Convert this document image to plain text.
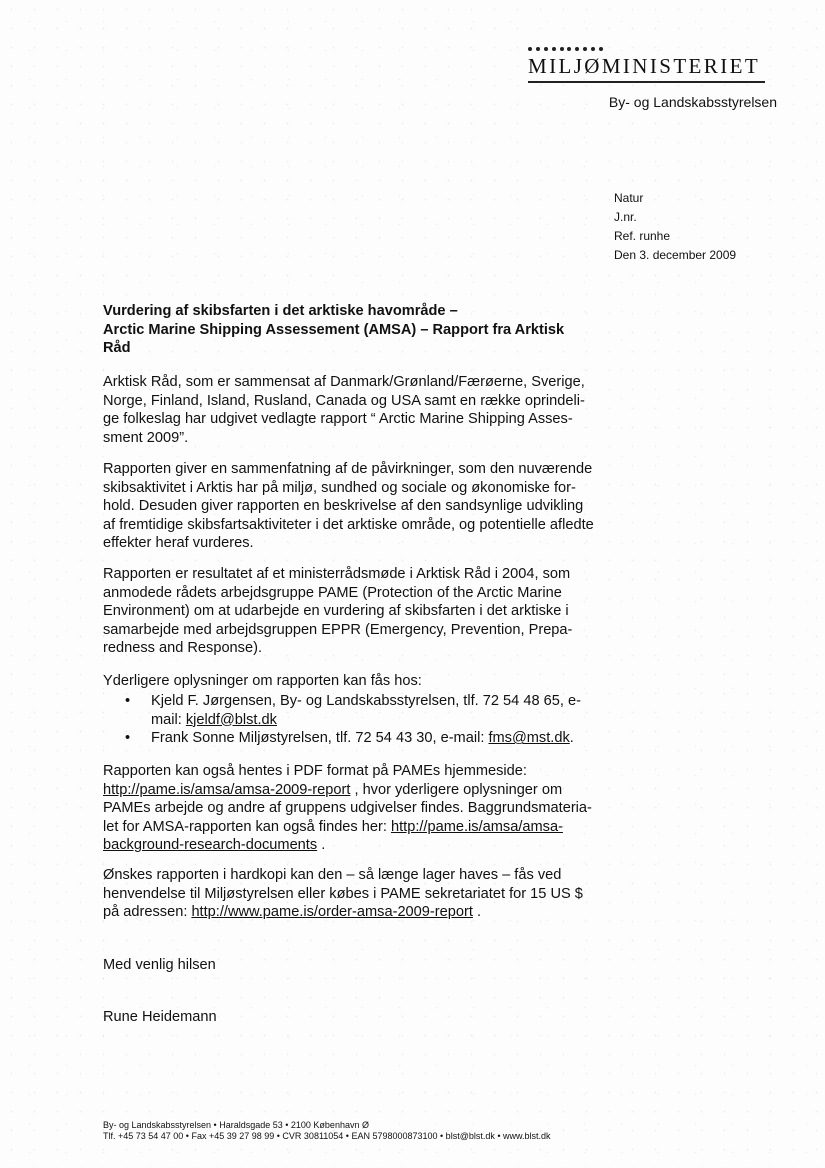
MILJØMINISTERIET
By- og Landskabsstyrelsen
Natur
J.nr.
Ref. runhe
Den 3. december 2009
Vurdering af skibsfarten i det arktiske havområde –
Arctic Marine Shipping Assessement (AMSA) – Rapport fra Arktisk
Råd
Arktisk Råd, som er sammensat af Danmark/Grønland/Færøerne, Sverige,
Norge, Finland, Island, Rusland, Canada og USA samt en række oprindeli-
ge folkeslag har udgivet vedlagte rapport “ Arctic Marine Shipping Asses-
sment 2009”.
Rapporten giver en sammenfatning af de påvirkninger, som den nuværende
skibsaktivitet i Arktis har på miljø, sundhed og sociale og økonomiske for-
hold. Desuden giver rapporten en beskrivelse af den sandsynlige udvikling
af fremtidige skibsfartsaktiviteter i det arktiske område, og potentielle afledte
effekter heraf vurderes.
Rapporten er resultatet af et ministerrådsmøde i Arktisk Råd i 2004, som
anmodede rådets arbejdsgruppe PAME (Protection of the Arctic Marine
Environment) om at udarbejde en vurdering af skibsfarten i det arktiske i
samarbejde med arbejdsgruppen EPPR (Emergency, Prevention, Prepa-
redness and Response).
Yderligere oplysninger om rapporten kan fås hos:
• Kjeld F. Jørgensen, By- og Landskabsstyrelsen, tlf. 72 54 48 65, e-
mail: kjeldf@blst.dk
• Frank Sonne Miljøstyrelsen, tlf. 72 54 43 30, e-mail: fms@mst.dk.
Rapporten kan også hentes i PDF format på PAMEs hjemmeside:
http://pame.is/amsa/amsa-2009-report , hvor yderligere oplysninger om
PAMEs arbejde og andre af gruppens udgivelser findes. Baggrundsmateria-
let for AMSA-rapporten kan også findes her: http://pame.is/amsa/amsa-
background-research-documents .
Ønskes rapporten i hardkopi kan den – så længe lager haves – fås ved
henvendelse til Miljøstyrelsen eller købes i PAME sekretariatet for 15 US $
på adressen: http://www.pame.is/order-amsa-2009-report .
Med venlig hilsen
Rune Heidemann
By- og Landskabsstyrelsen • Haraldsgade 53 • 2100 København Ø
Tlf. +45 73 54 47 00 • Fax +45 39 27 98 99 • CVR 30811054 • EAN 5798000873100 • blst@blst.dk • www.blst.dk
